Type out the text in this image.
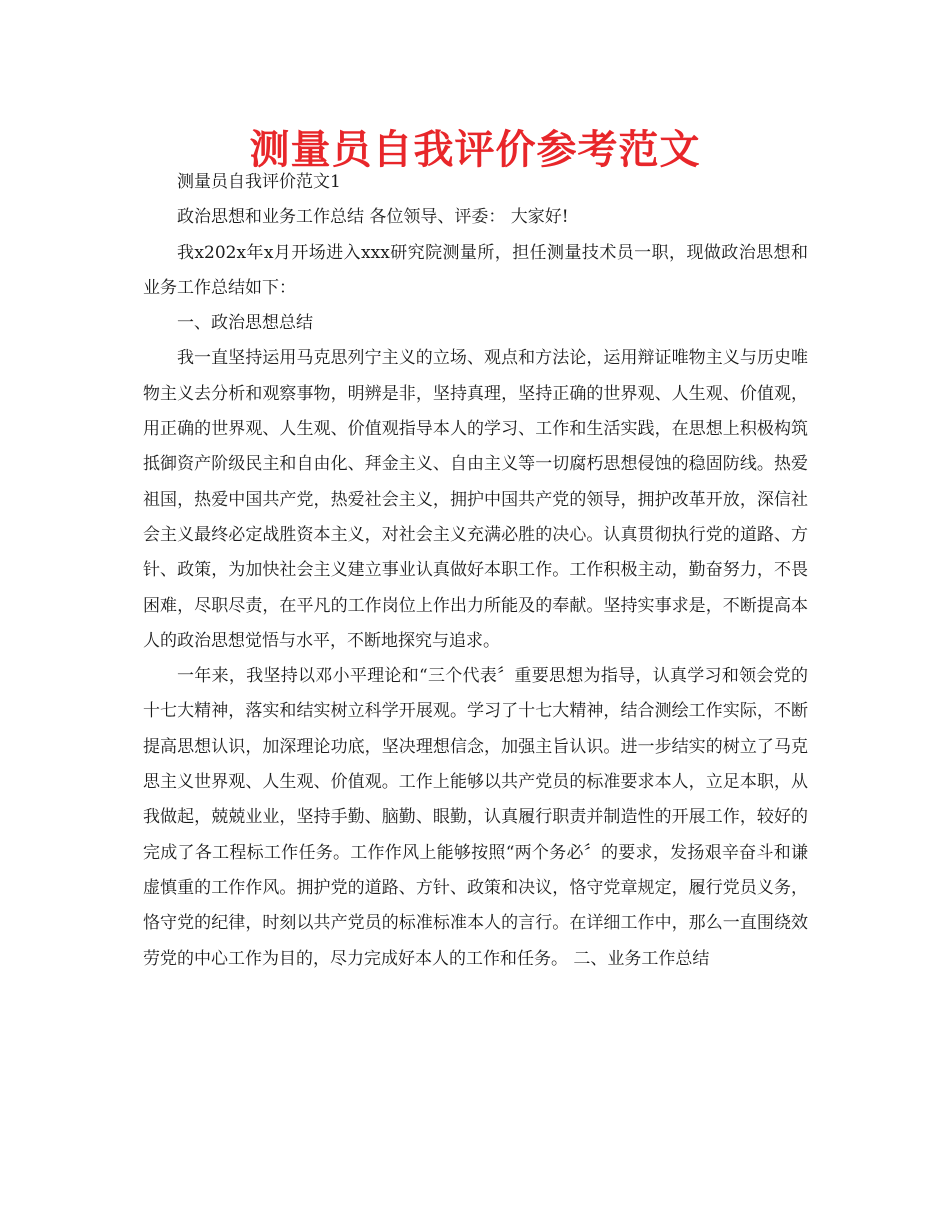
测量员自我评价参考范文

测量员自我评价范文1

政治思想和业务工作总结 各位领导、评委： 大家好!

我x202x年x月开场进入xxx研究院测量所，担任测量技术员一职，现做政治思想和业务工作总结如下：

一、政治思想总结

我一直坚持运用马克思列宁主义的立场、观点和方法论，运用辩证唯物主义与历史唯物主义去分析和观察事物，明辨是非，坚持真理，坚持正确的世界观、人生观、价值观，用正确的世界观、人生观、价值观指导本人的学习、工作和生活实践，在思想上积极构筑抵御资产阶级民主和自由化、拜金主义、自由主义等一切腐朽思想侵蚀的稳固防线。热爱祖国，热爱中国共产党，热爱社会主义，拥护中国共产党的领导，拥护改革开放，深信社会主义最终必定战胜资本主义，对社会主义充满必胜的决心。认真贯彻执行党的道路、方针、政策，为加快社会主义建立事业认真做好本职工作。工作积极主动，勤奋努力，不畏困难，尽职尽责，在平凡的工作岗位上作出力所能及的奉献。坚持实事求是，不断提高本人的政治思想觉悟与水平，不断地探究与追求。

一年来，我坚持以邓小平理论和“三个代表〞重要思想为指导，认真学习和领会党的十七大精神，落实和结实树立科学开展观。学习了十七大精神，结合测绘工作实际，不断提高思想认识，加深理论功底，坚决理想信念，加强主旨认识。进一步结实的树立了马克思主义世界观、人生观、价值观。工作上能够以共产党员的标准要求本人，立足本职，从我做起，兢兢业业，坚持手勤、脑勤、眼勤，认真履行职责并制造性的开展工作，较好的完成了各工程标工作任务。工作作风上能够按照“两个务必〞的要求，发扬艰辛奋斗和谦虚慎重的工作作风。拥护党的道路、方针、政策和决议，恪守党章规定，履行党员义务，恪守党的纪律，时刻以共产党员的标准标准本人的言行。在详细工作中，那么一直围绕效劳党的中心工作为目的，尽力完成好本人的工作和任务。 二、业务工作总结
